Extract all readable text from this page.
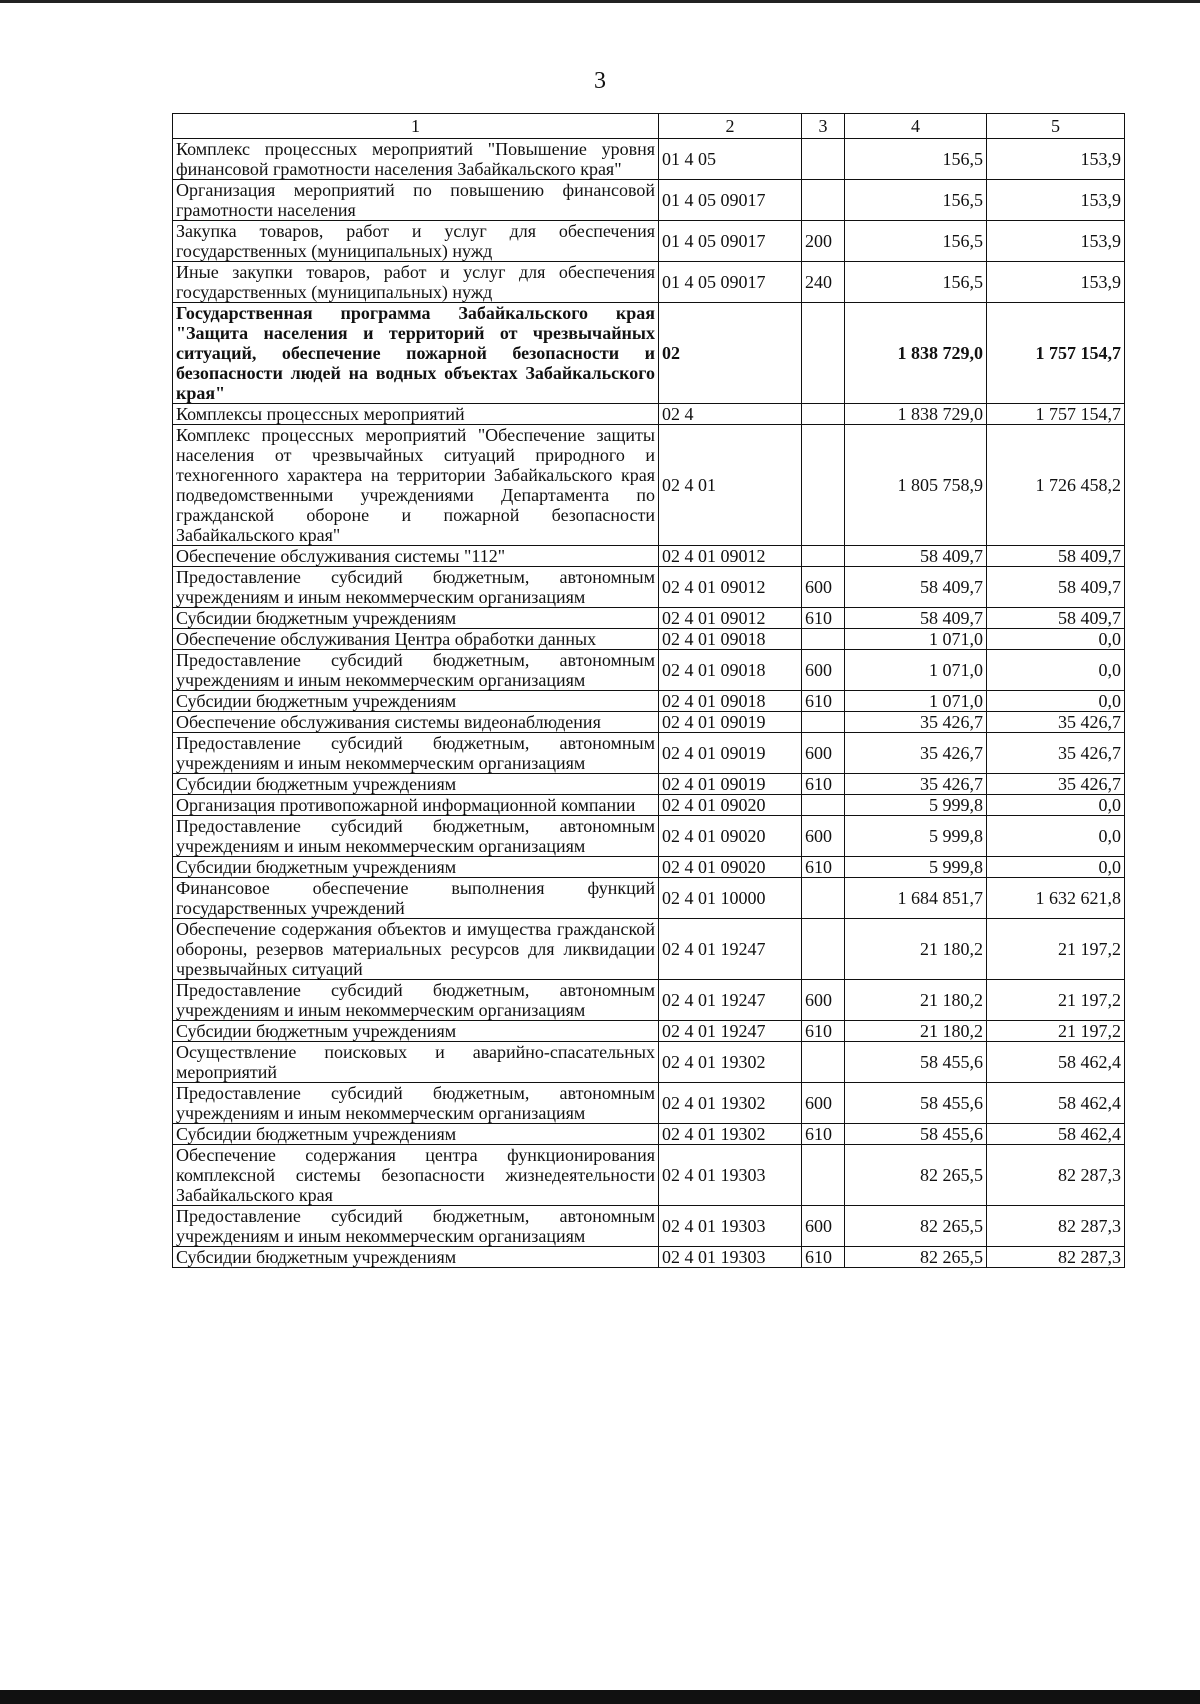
3
1	2	3	4	5
Комплекс процессных мероприятий "Повышение уровня финансовой грамотности населения Забайкальского края"	01 4 05		156,5	153,9
Организация мероприятий по повышению финансовой грамотности населения	01 4 05 09017		156,5	153,9
Закупка товаров, работ и услуг для обеспечения государственных (муниципальных) нужд	01 4 05 09017	200	156,5	153,9
Иные закупки товаров, работ и услуг для обеспечения государственных (муниципальных) нужд	01 4 05 09017	240	156,5	153,9
Государственная программа Забайкальского края "Защита населения и территорий от чрезвычайных ситуаций, обеспечение пожарной безопасности и безопасности людей на водных объектах Забайкальского края"	02		1 838 729,0	1 757 154,7
Комплексы процессных мероприятий	02 4		1 838 729,0	1 757 154,7
Комплекс процессных мероприятий "Обеспечение защиты населения от чрезвычайных ситуаций природного и техногенного характера на территории Забайкальского края подведомственными учреждениями Департамента по гражданской обороне и пожарной безопасности Забайкальского края"	02 4 01		1 805 758,9	1 726 458,2
Обеспечение обслуживания системы "112"	02 4 01 09012		58 409,7	58 409,7
Предоставление субсидий бюджетным, автономным учреждениям и иным некоммерческим организациям	02 4 01 09012	600	58 409,7	58 409,7
Субсидии бюджетным учреждениям	02 4 01 09012	610	58 409,7	58 409,7
Обеспечение обслуживания Центра обработки данных	02 4 01 09018		1 071,0	0,0
Предоставление субсидий бюджетным, автономным учреждениям и иным некоммерческим организациям	02 4 01 09018	600	1 071,0	0,0
Субсидии бюджетным учреждениям	02 4 01 09018	610	1 071,0	0,0
Обеспечение обслуживания системы видеонаблюдения	02 4 01 09019		35 426,7	35 426,7
Предоставление субсидий бюджетным, автономным учреждениям и иным некоммерческим организациям	02 4 01 09019	600	35 426,7	35 426,7
Субсидии бюджетным учреждениям	02 4 01 09019	610	35 426,7	35 426,7
Организация противопожарной информационной компании	02 4 01 09020		5 999,8	0,0
Предоставление субсидий бюджетным, автономным учреждениям и иным некоммерческим организациям	02 4 01 09020	600	5 999,8	0,0
Субсидии бюджетным учреждениям	02 4 01 09020	610	5 999,8	0,0
Финансовое обеспечение выполнения функций государственных учреждений	02 4 01 10000		1 684 851,7	1 632 621,8
Обеспечение содержания объектов и имущества гражданской обороны, резервов материальных ресурсов для ликвидации чрезвычайных ситуаций	02 4 01 19247		21 180,2	21 197,2
Предоставление субсидий бюджетным, автономным учреждениям и иным некоммерческим организациям	02 4 01 19247	600	21 180,2	21 197,2
Субсидии бюджетным учреждениям	02 4 01 19247	610	21 180,2	21 197,2
Осуществление поисковых и аварийно-спасательных мероприятий	02 4 01 19302		58 455,6	58 462,4
Предоставление субсидий бюджетным, автономным учреждениям и иным некоммерческим организациям	02 4 01 19302	600	58 455,6	58 462,4
Субсидии бюджетным учреждениям	02 4 01 19302	610	58 455,6	58 462,4
Обеспечение содержания центра функционирования комплексной системы безопасности жизнедеятельности Забайкальского края	02 4 01 19303		82 265,5	82 287,3
Предоставление субсидий бюджетным, автономным учреждениям и иным некоммерческим организациям	02 4 01 19303	600	82 265,5	82 287,3
Субсидии бюджетным учреждениям	02 4 01 19303	610	82 265,5	82 287,3
